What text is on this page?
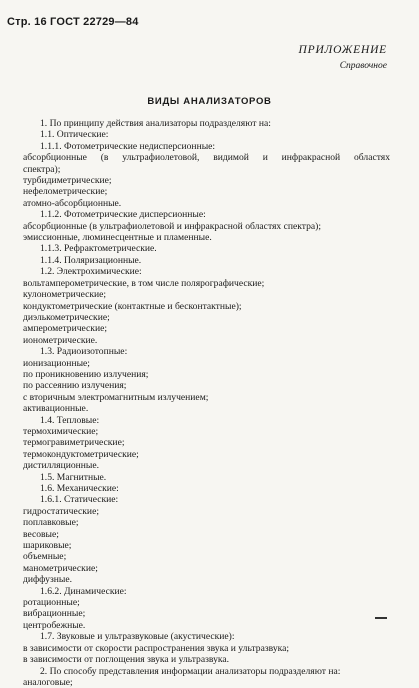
Стр. 16 ГОСТ 22729—84
ПРИЛОЖЕНИЕ
Справочное
ВИДЫ АНАЛИЗАТОРОВ
1. По принципу действия анализаторы подразделяют на:
1.1. Оптические:
1.1.1. Фотометрические недисперсионные:
абсорбционные (в ультрафиолетовой, видимой и инфракрасной областях
спектра);
турбидиметрические;
нефелометрические;
атомно-абсорбционные.
1.1.2. Фотометрические дисперсионные:
абсорбционные (в ультрафиолетовой и инфракрасной областях спектра);
эмиссионные, люминесцентные и пламенные.
1.1.3. Рефрактометрические.
1.1.4. Поляризационные.
1.2. Электрохимические:
вольтамперометрические, в том числе полярографические;
кулонометрические;
кондуктометрические (контактные и бесконтактные);
диэлькометрические;
амперометрические;
ионометрические.
1.3. Радиоизотопные:
ионизационные;
по проникновению излучения;
по рассеянию излучения;
с вторичным электромагнитным излучением;
активационные.
1.4. Тепловые:
термохимические;
термогравиметрические;
термокондуктометрические;
дистилляционные.
1.5. Магнитные.
1.6. Механические:
1.6.1. Статические:
гидростатические;
поплавковые;
весовые;
шариковые;
объемные;
манометрические;
диффузные.
1.6.2. Динамические:
ротационные;
вибрационные;
центробежные.
1.7. Звуковые и ультразвуковые (акустические):
в зависимости от скорости распространения звука и ультразвука;
в зависимости от поглощения звука и ультразвука.
2. По способу представления информации анализаторы подразделяют на:
аналоговые;
